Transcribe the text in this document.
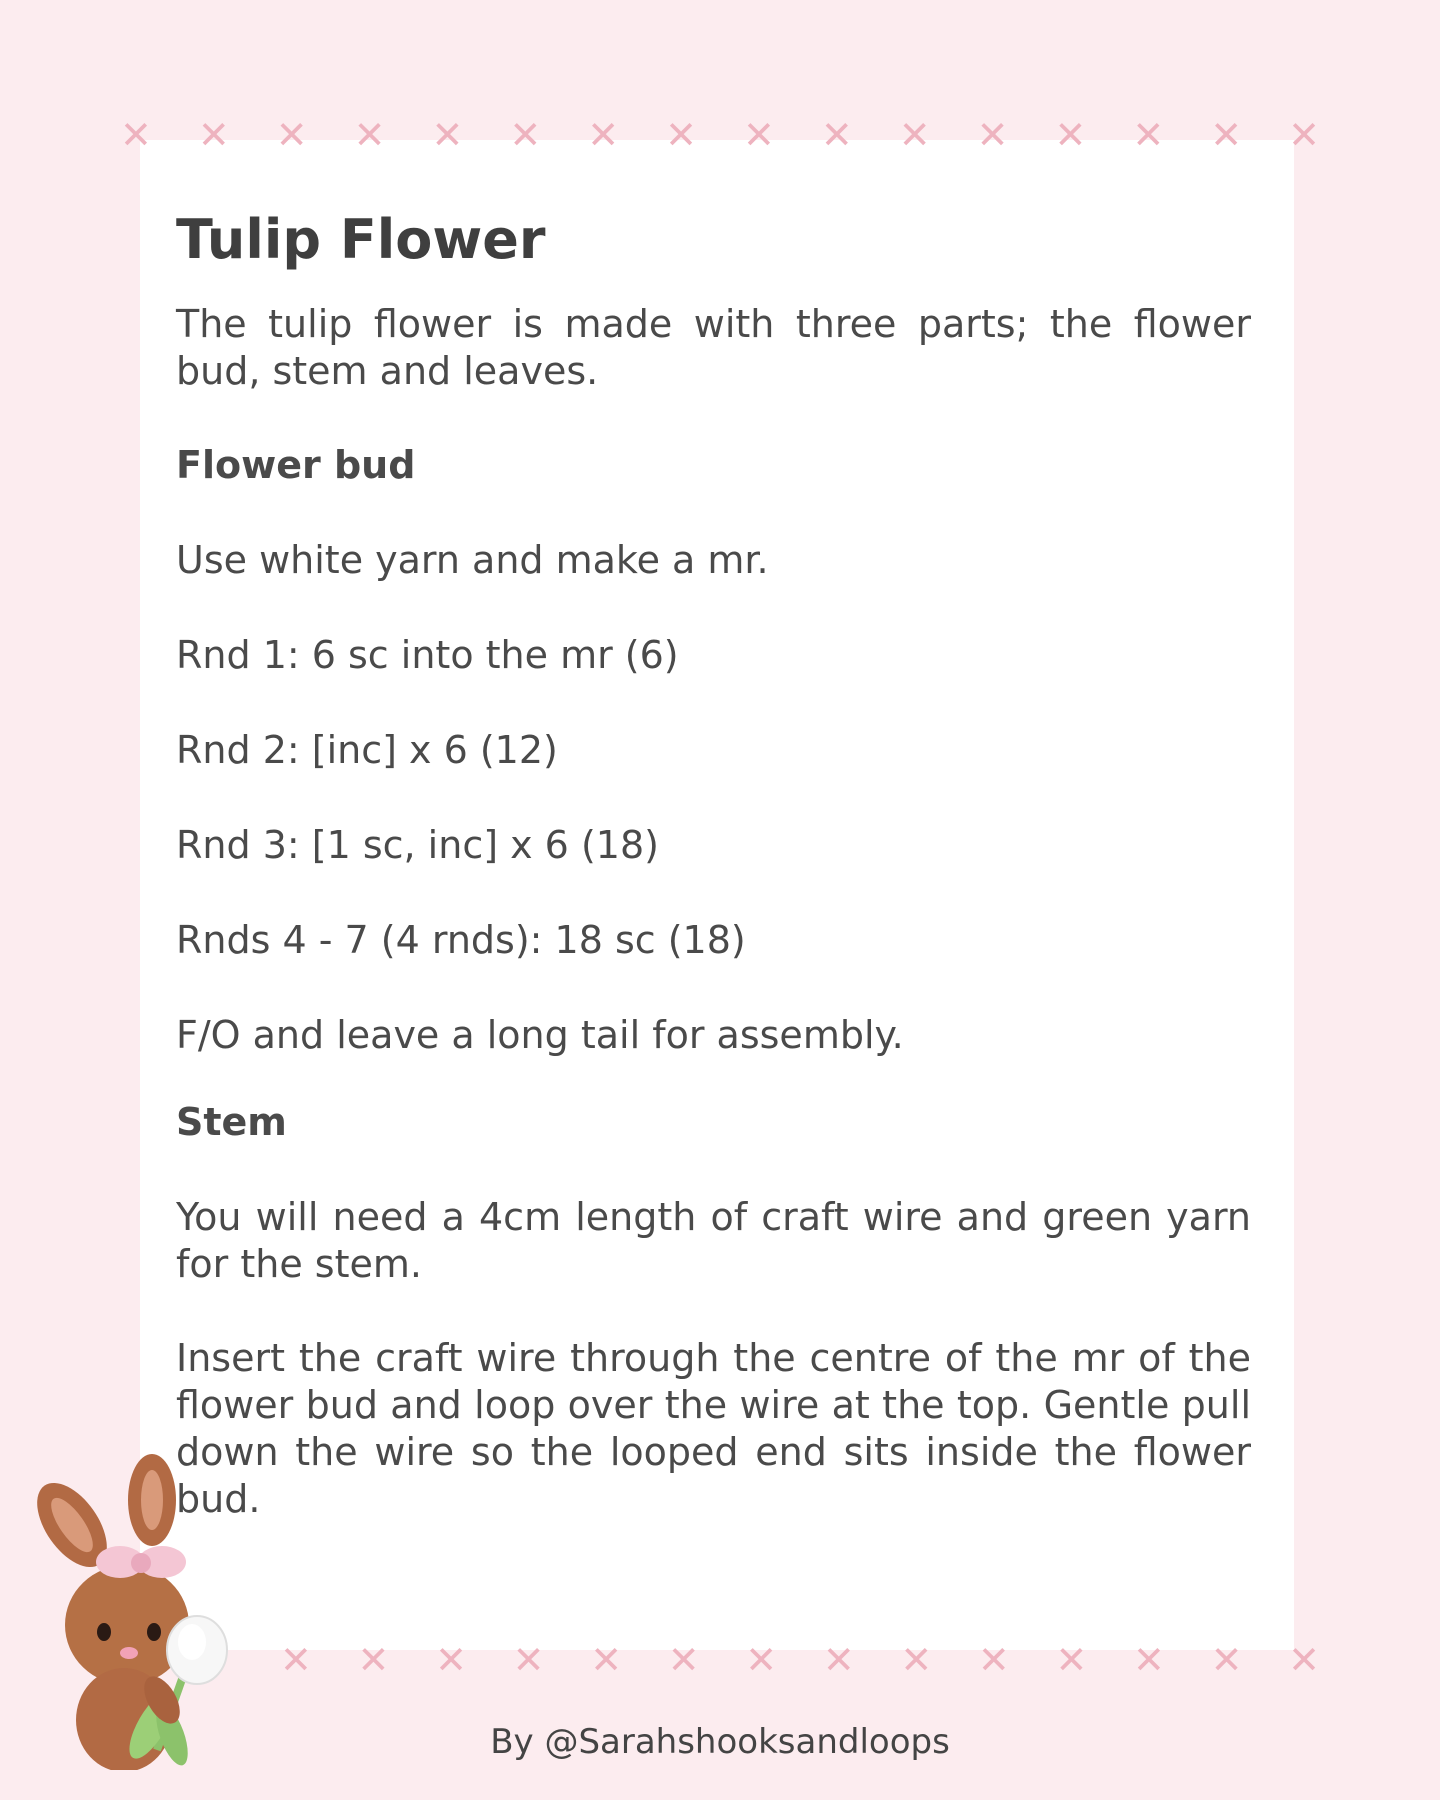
✕ ✕ ✕ ✕ ✕ ✕ ✕ ✕ ✕ ✕ ✕ ✕ ✕ ✕ ✕ ✕
Tulip Flower

The tulip flower is made with three parts; the flower bud, stem and leaves.

Flower bud

Use white yarn and make a mr.

Rnd 1: 6 sc into the mr (6)

Rnd 2: [inc] x 6 (12)

Rnd 3: [1 sc, inc] x 6 (18)

Rnds 4 - 7 (4 rnds): 18 sc (18)

F/O and leave a long tail for assembly.

Stem

You will need a 4cm length of craft wire and green yarn for the stem.

Insert the craft wire through the centre of the mr of the flower bud and loop over the wire at the top. Gentle pull down the wire so the looped end sits inside the flower bud.

✕ ✕ ✕ ✕ ✕ ✕ ✕ ✕ ✕ ✕ ✕ ✕ ✕ ✕
By @Sarahshooksandloops
